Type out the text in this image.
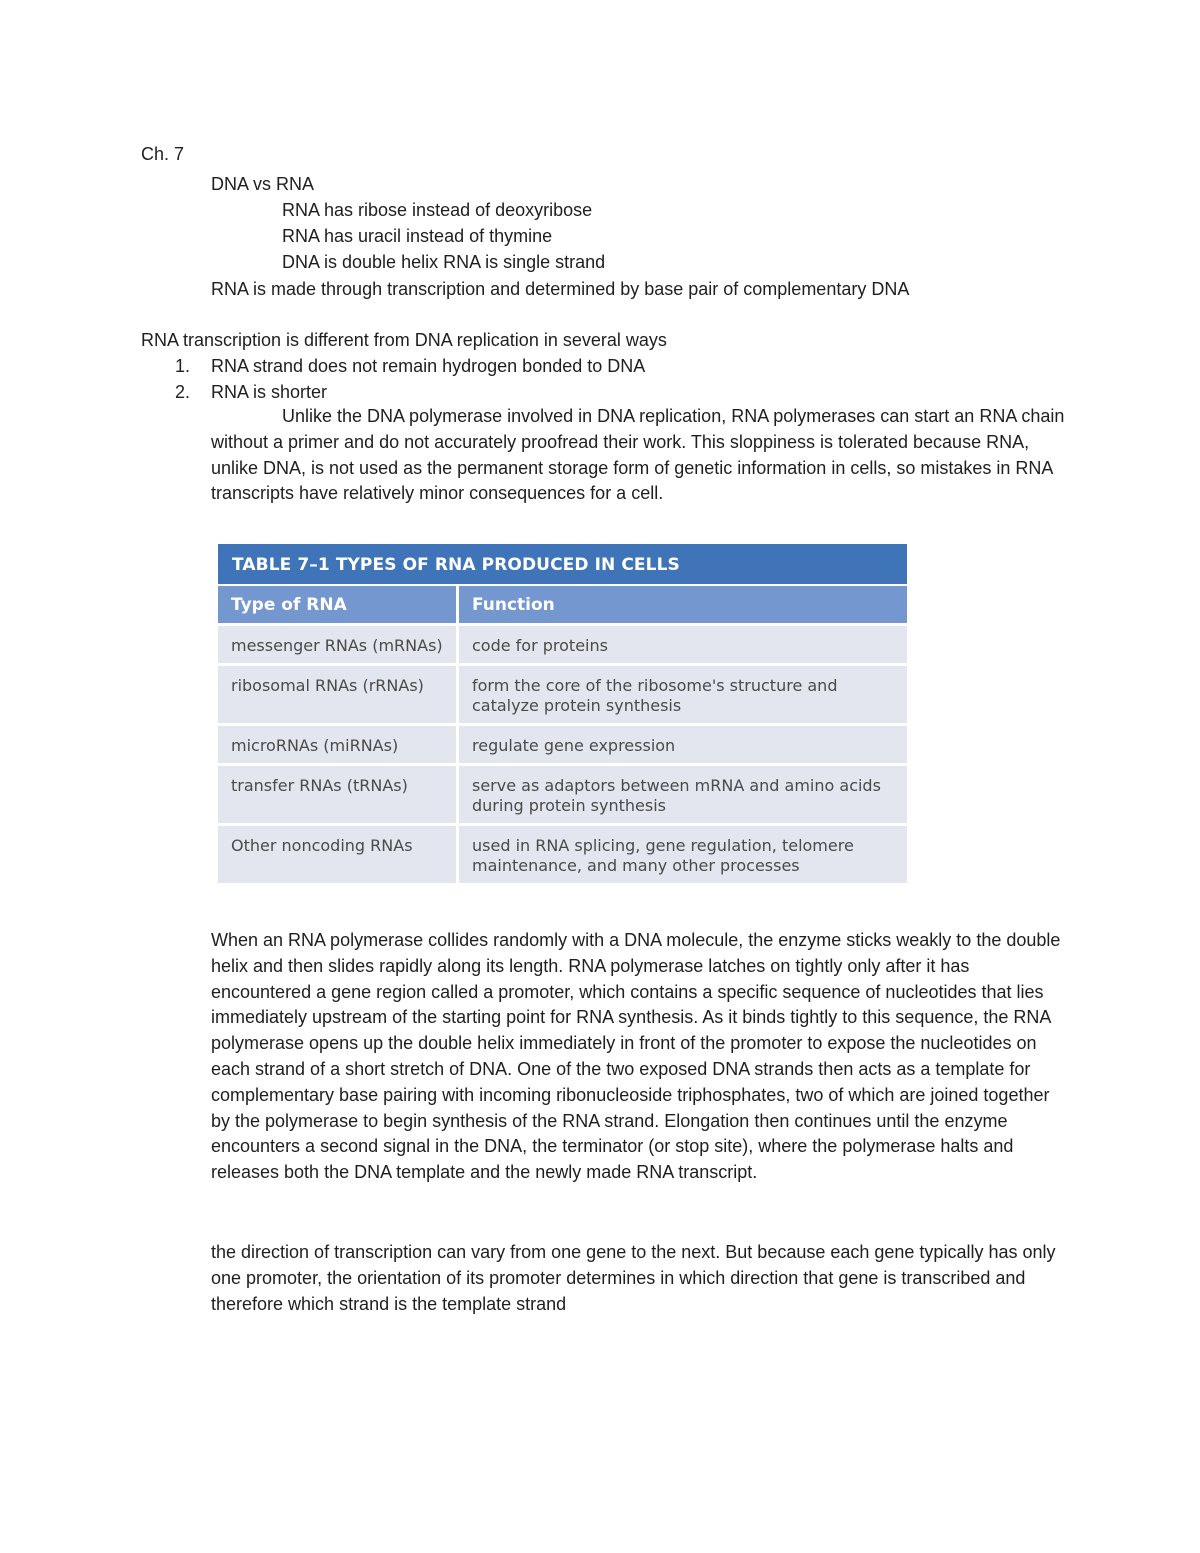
Ch. 7
DNA vs RNA
RNA has ribose instead of deoxyribose
RNA has uracil instead of thymine
DNA is double helix RNA is single strand
RNA is made through transcription and determined by base pair of complementary DNA
RNA transcription is different from DNA replication in several ways
1. RNA strand does not remain hydrogen bonded to DNA
2. RNA is shorter
Unlike the DNA polymerase involved in DNA replication, RNA polymerases can start an RNA chain without a primer and do not accurately proofread their work. This sloppiness is tolerated because RNA, unlike DNA, is not used as the permanent storage form of genetic information in cells, so mistakes in RNA transcripts have relatively minor consequences for a cell.
TABLE 7–1 TYPES OF RNA PRODUCED IN CELLS
Type of RNA	Function
messenger RNAs (mRNAs)	code for proteins
ribosomal RNAs (rRNAs)	form the core of the ribosome's structure and catalyze protein synthesis
microRNAs (miRNAs)	regulate gene expression
transfer RNAs (tRNAs)	serve as adaptors between mRNA and amino acids during protein synthesis
Other noncoding RNAs	used in RNA splicing, gene regulation, telomere maintenance, and many other processes
When an RNA polymerase collides randomly with a DNA molecule, the enzyme sticks weakly to the double helix and then slides rapidly along its length. RNA polymerase latches on tightly only after it has encountered a gene region called a promoter, which contains a specific sequence of nucleotides that lies immediately upstream of the starting point for RNA synthesis. As it binds tightly to this sequence, the RNA polymerase opens up the double helix immediately in front of the promoter to expose the nucleotides on each strand of a short stretch of DNA. One of the two exposed DNA strands then acts as a template for complementary base pairing with incoming ribonucleoside triphosphates, two of which are joined together by the polymerase to begin synthesis of the RNA strand. Elongation then continues until the enzyme encounters a second signal in the DNA, the terminator (or stop site), where the polymerase halts and releases both the DNA template and the newly made RNA transcript.
the direction of transcription can vary from one gene to the next. But because each gene typically has only one promoter, the orientation of its promoter determines in which direction that gene is transcribed and therefore which strand is the template strand
